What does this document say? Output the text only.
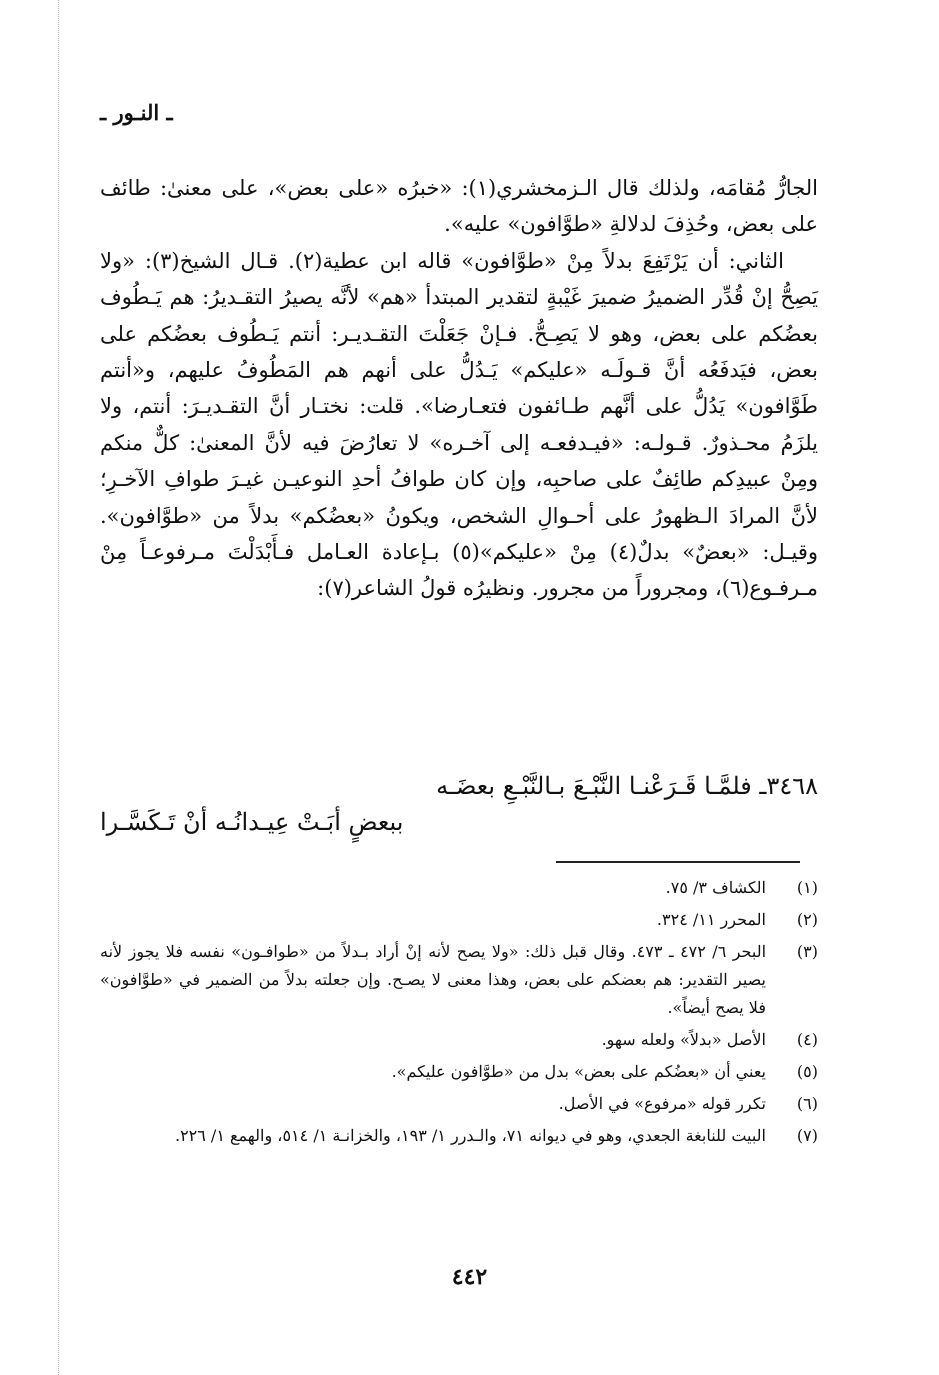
ـ النـور ـ

الجارُّ مُقامَه، ولذلك قال الـزمخشري(١): «خبرُه «على بعض»، على معنىٰ: طائف على بعض، وحُذِفَ لدلالةِ «طوَّافون» عليه».

الثاني: أن يَرْتَفِعَ بدلاً مِنْ «طوَّافون» قاله ابن عطية(٢). قـال الشيخ(٣): «ولا يَصِحُّ إنْ قُدِّر الضميرُ ضميرَ غَيْبةٍ لتقدير المبتدأ «هم» لأنَّه يصيرُ التقـديرُ: هم يَـطُوف بعضُكم على بعض، وهو لا يَصِـحُّ. فـإنْ جَعَلْتَ التقـديـر: أنتم يَـطُوف بعضُكم على بعض، فيَدفَعُه أنَّ قـولَـه «عليكم» يَـدُلُّ على أنهم هم المَطُوفُ عليهم، و«أنتم طَوَّافون» يَدُلُّ على أنَّهم طـائفون فتعـارضا». قلت: نختـار أنَّ التقـديـرَ: أنتم، ولا يلزَمُ محـذورٌ. قـولـه: «فيـدفعـه إلى آخـره» لا تعارُضَ فيه لأنَّ المعنىٰ: كلٌّ منكم ومِنْ عبيدِكم طائِفٌ على صاحبِه، وإن كان طوافُ أحدِ النوعيـن غيـرَ طوافِ الآخـرِ؛ لأنَّ المرادَ الـظهورُ على أحـوالِ الشخص، ويكونُ «بعضُكم» بدلاً من «طوَّافون». وقيـل: «بعضٌ» بدلٌ(٤) مِنْ «عليكم»(٥) بـإعادة العـامل فـأَبْدَلْتَ مـرفوعـاً مِنْ مـرفـوع(٦)، ومجروراً من مجرور. ونظيرُه قولُ الشاعر(٧):

٣٤٦٨ـ فلمَّـا قَـرَعْنـا النَّبْـعَ بـالنَّبْـعِ بعضَـه
ببعضٍ أبَـتْ عِيـدانُـه أنْ تَـكَسَّـرا
(١)
الكشاف ٣/ ٧٥.
(٢)
المحرر ١١/ ٣٢٤.
(٣)
البحر ٦/ ٤٧٢ ـ ٤٧٣. وقال قبل ذلك: «ولا يصح لأنه إنْ أراد بـدلاً من «طوافـون» نفسه فلا يجوز لأنه يصير التقدير: هم بعضكم على بعض، وهذا معنى لا يصـح. وإن جعلته بدلاً من الضمير في «طوَّافون» فلا يصح أيضاً».
(٤)
الأصل «بدلاً» ولعله سهو.
(٥)
يعني أن «بعضُكم على بعض» بدل من «طوَّافون عليكم».
(٦)
تكرر قوله «مرفوع» في الأصل.
(٧)
البيت للنابغة الجعدي، وهو في ديوانه ٧١، والـدرر ١/ ١٩٣، والخزانـة ١/ ٥١٤، والهمع ١/ ٢٢٦.
٤٤٢
